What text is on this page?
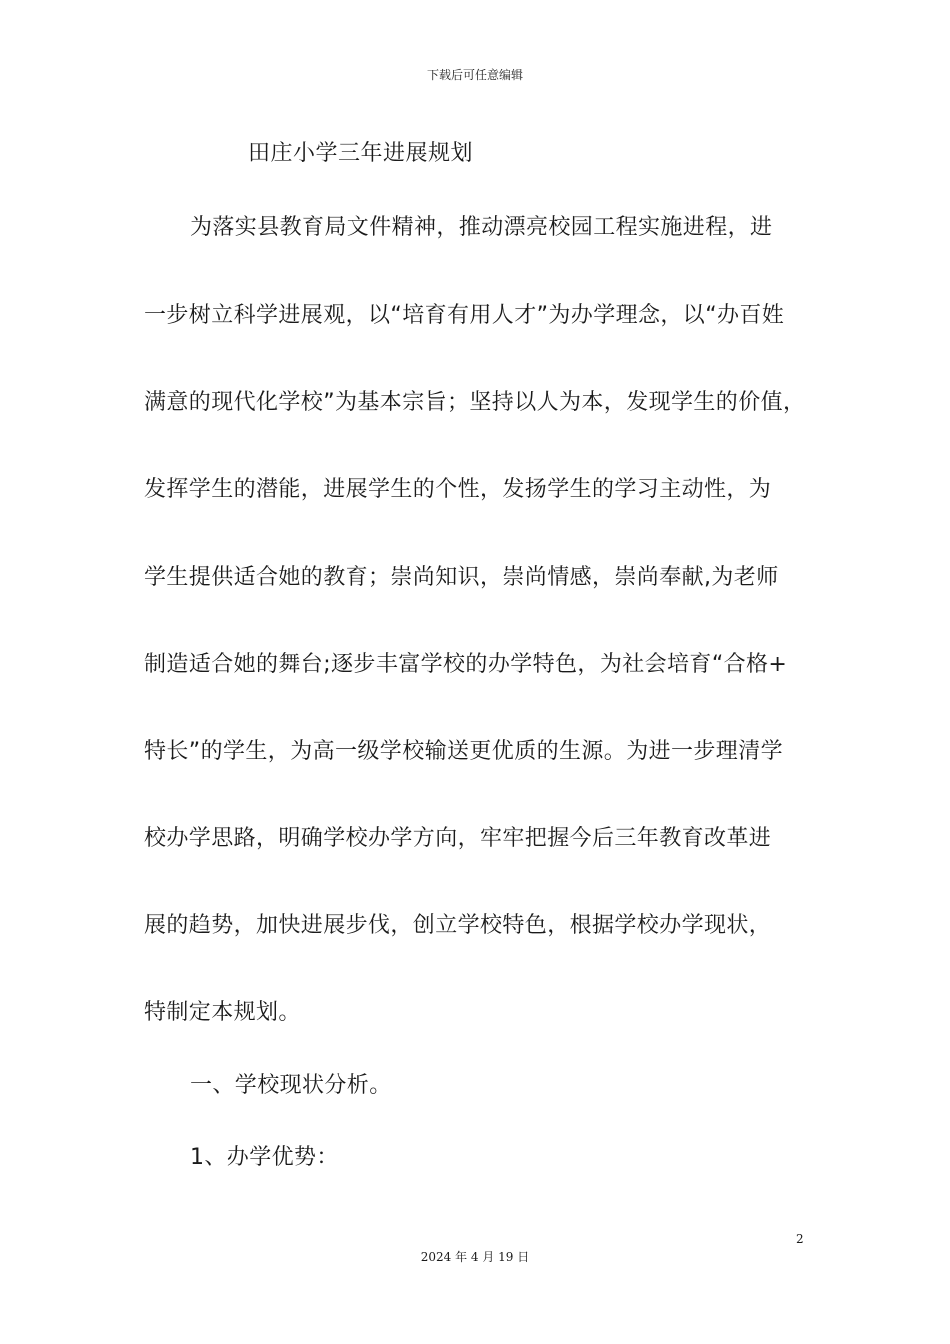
下载后可任意编辑
田庄小学三年进展规划
为落实县教育局文件精神，推动漂亮校园工程实施进程，进
一步树立科学进展观，以“培育有用人才”为办学理念，以“办百姓
满意的现代化学校”为基本宗旨；坚持以人为本，发现学生的价值，
发挥学生的潜能，进展学生的个性，发扬学生的学习主动性，为
学生提供适合她的教育；崇尚知识，崇尚情感，崇尚奉献,为老师
制造适合她的舞台;逐步丰富学校的办学特色，为社会培育“合格+
特长”的学生，为高一级学校输送更优质的生源。为进一步理清学
校办学思路，明确学校办学方向，牢牢把握今后三年教育改革进
展的趋势，加快进展步伐，创立学校特色，根据学校办学现状，
特制定本规划。
一、学校现状分析。
1、办学优势：
2
2024 年 4 月 19 日
